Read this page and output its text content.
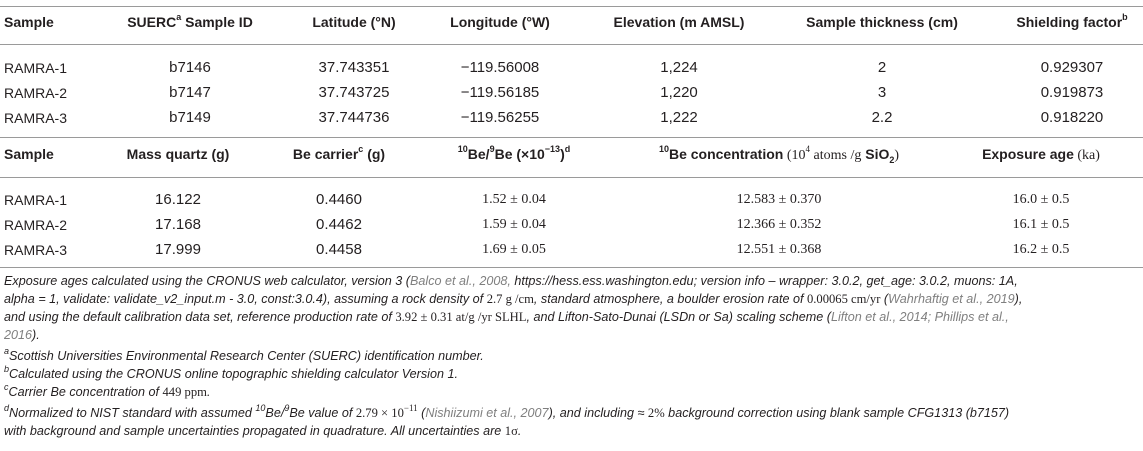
Sample	SUERC$^a$ Sample ID	Latitude (°N)	Longitude (°W)	Elevation (m AMSL)	Sample thickness (cm)	Shielding factor$^b$
RAMRA-1	b7146	37.743351	−119.56008	1,224	2	0.929307
RAMRA-2	b7147	37.743725	−119.56185	1,220	3	0.919873
RAMRA-3	b7149	37.744736	−119.56255	1,222	2.2	0.918220
Sample	Mass quartz (g)	Be carrier$^c$ (g)	$^{10}$Be/$^9$Be $(\times 10^{-13})^d$	$^{10}$Be concentration ($10^4$ atoms /g SiO$_2$)	Exposure age (ka)
RAMRA-1	16.122	0.4460	1.52 ± 0.04	12.583 ± 0.370	16.0 ± 0.5
RAMRA-2	17.168	0.4462	1.59 ± 0.04	12.366 ± 0.352	16.1 ± 0.5
RAMRA-3	17.999	0.4458	1.69 ± 0.05	12.551 ± 0.368	16.2 ± 0.5
Exposure ages calculated using the CRONUS web calculator, version 3 (Balco et al., 2008, https://hess.ess.washington.edu; version info – wrapper: 3.0.2, get_age: 3.0.2, muons: 1A,
alpha = 1, validate: validate_v2_input.m - 3.0, const:3.0.4), assuming a rock density of 2.7 g /cm, standard atmosphere, a boulder erosion rate of 0.00065 cm/yr (Wahrhaftig et al., 2019),
and using the default calibration data set, reference production rate of 3.92 ± 0.31 at/g /yr SLHL, and Lifton-Sato-Dunai (LSDn or Sa) scaling scheme (Lifton et al., 2014; Phillips et al.,
2016).
$^a$Scottish Universities Environmental Research Center (SUERC) identification number.
$^b$Calculated using the CRONUS online topographic shielding calculator Version 1.
$^c$Carrier Be concentration of 449 ppm.
$^d$Normalized to NIST standard with assumed $^{10}$Be/$^9$Be value of $2.79 \times 10^{-11}$ (Nishiizumi et al., 2007), and including ≈ 2% background correction using blank sample CFG1313 (b7157)
with background and sample uncertainties propagated in quadrature. All uncertainties are 1σ.
